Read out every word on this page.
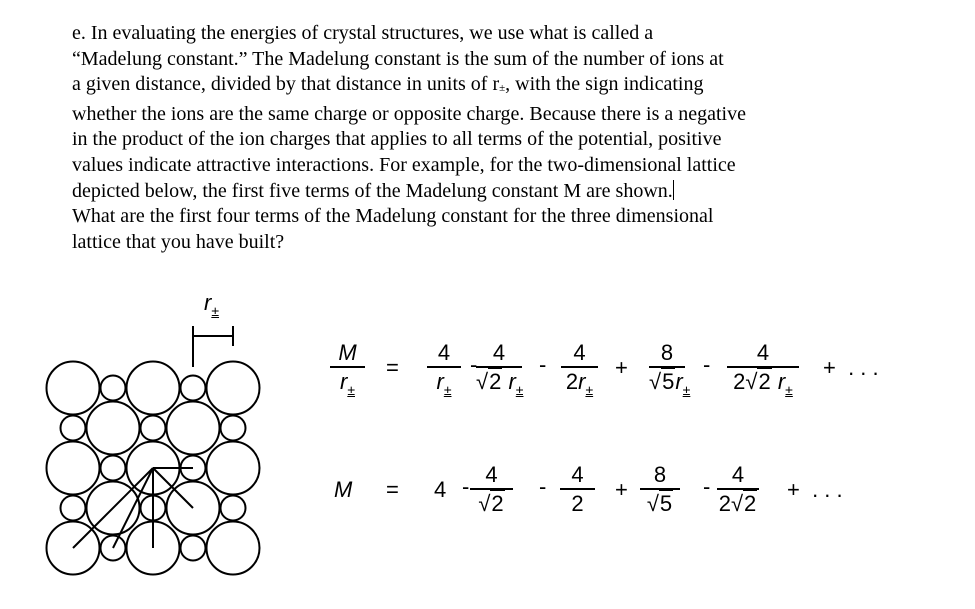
e. In evaluating the energies of crystal structures, we use what is called a
“Madelung constant.” The Madelung constant is the sum of the number of ions at
a given distance, divided by that distance in units of r±, with the sign indicating
whether the ions are the same charge or opposite charge. Because there is a negative
in the product of the ion charges that applies to all terms of the potential, positive
values indicate attractive interactions. For example, for the two-dimensional lattice
depicted below, the first five terms of the Madelung constant M are shown.
What are the first four terms of the Madelung constant for the three dimensional
lattice that you have built?
$r_\pm$
M
$r_\pm$
=
4
$r_\pm$
- 4
√2 $r_\pm$
-	4
$2r_\pm$
+
8
$√5r_\pm$
-	4
2√2 $r_\pm$
+  . . .
M = 4 - 4
√2
-	4
2
+
8
√5
- 4
2√2
+  . . .
